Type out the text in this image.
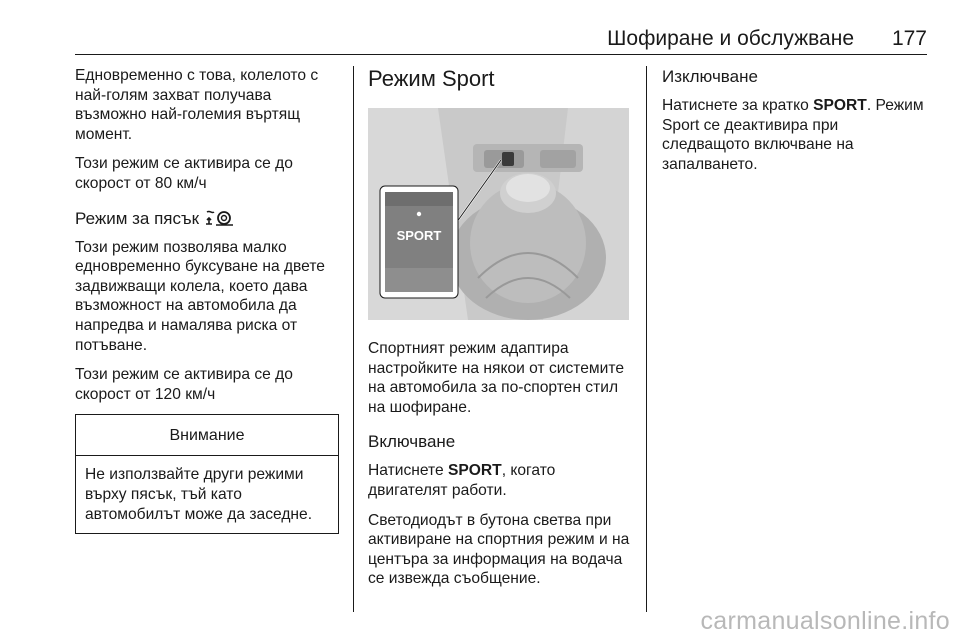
Шофиране и обслужване 177

Едновременно с това, колелото с най-голям захват получава възможно най-големия въртящ момент.

Този режим се активира се до скорост от 80 км/ч

Режим за пясък

Този режим позволява малко едновременно буксуване на двете задвижващи колела, което дава възможност на автомобила да напредва и намалява риска от потъване.

Този режим се активира се до скорост от 120 км/ч

Внимание
Не използвайте други режими върху пясък, тъй като автомобилът може да заседне.
Режим Sport
SPORT

Спортният режим адаптира настройките на някои от системите на автомобила за по-спортен стил на шофиране.

Включване

Натиснете SPORT, когато двигателят работи.

Светодиодът в бутона светва при активиране на спортния режим и на центъра за информация на водача се извежда съобщение.

Изключване

Натиснете за кратко SPORT. Режим Sport се деактивира при следващото включване на запалването.

carmanualsonline.info
